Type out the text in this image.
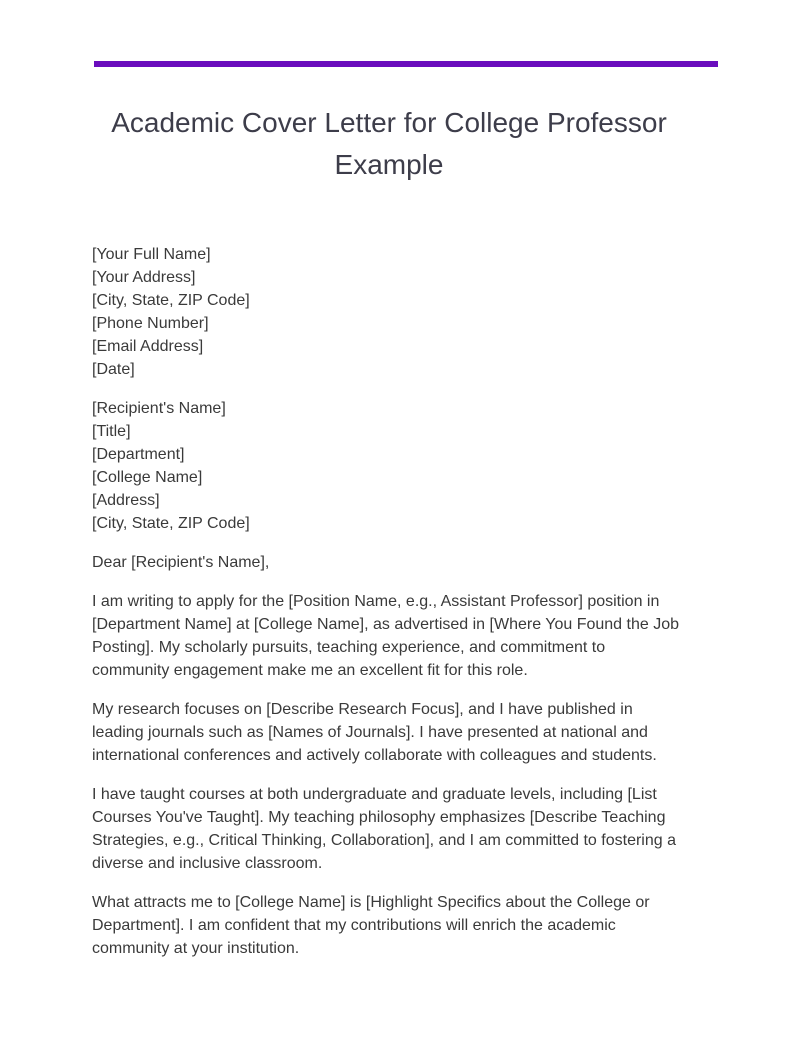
Academic Cover Letter for College Professor Example
[Your Full Name]
[Your Address]
[City, State, ZIP Code]
[Phone Number]
[Email Address]
[Date]
[Recipient's Name]
[Title]
[Department]
[College Name]
[Address]
[City, State, ZIP Code]
Dear [Recipient's Name],
I am writing to apply for the [Position Name, e.g., Assistant Professor] position in
[Department Name] at [College Name], as advertised in [Where You Found the Job
Posting]. My scholarly pursuits, teaching experience, and commitment to
community engagement make me an excellent fit for this role.
My research focuses on [Describe Research Focus], and I have published in
leading journals such as [Names of Journals]. I have presented at national and
international conferences and actively collaborate with colleagues and students.
I have taught courses at both undergraduate and graduate levels, including [List
Courses You've Taught]. My teaching philosophy emphasizes [Describe Teaching
Strategies, e.g., Critical Thinking, Collaboration], and I am committed to fostering a
diverse and inclusive classroom.
What attracts me to [College Name] is [Highlight Specifics about the College or
Department]. I am confident that my contributions will enrich the academic
community at your institution.
